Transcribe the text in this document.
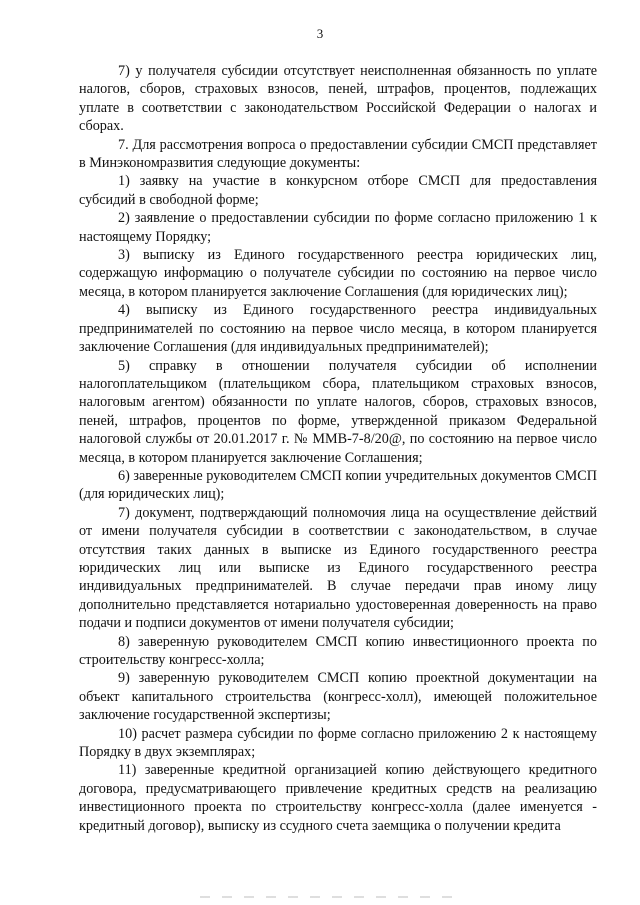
3

7) у получателя субсидии отсутствует неисполненная обязанность по уплате налогов, сборов, страховых взносов, пеней, штрафов, процентов, подлежащих уплате в соответствии с законодательством Российской Федерации о налогах и сборах.

7. Для рассмотрения вопроса о предоставлении субсидии СМСП представляет в Минэкономразвития следующие документы:

1) заявку на участие в конкурсном отборе СМСП для предоставления субсидий в свободной форме;

2) заявление о предоставлении субсидии по форме согласно приложению 1 к настоящему Порядку;

3) выписку из Единого государственного реестра юридических лиц, содержащую информацию о получателе субсидии по состоянию на первое число месяца, в котором планируется заключение Соглашения (для юридических лиц);

4) выписку из Единого государственного реестра индивидуальных предпринимателей по состоянию на первое число месяца, в котором планируется заключение Соглашения (для индивидуальных предпринимателей);

5) справку в отношении получателя субсидии об исполнении налогоплательщиком (плательщиком сбора, плательщиком страховых взносов, налоговым агентом) обязанности по уплате налогов, сборов, страховых взносов, пеней, штрафов, процентов по форме, утвержденной приказом Федеральной налоговой службы от 20.01.2017 г. № ММВ-7-8/20@, по состоянию на первое число месяца, в котором планируется заключение Соглашения;

6) заверенные руководителем СМСП копии учредительных документов СМСП (для юридических лиц);

7) документ, подтверждающий полномочия лица на осуществление действий от имени получателя субсидии в соответствии с законодательством, в случае отсутствия таких данных в выписке из Единого государственного реестра юридических лиц или выписке из Единого государственного реестра индивидуальных предпринимателей. В случае передачи прав иному лицу дополнительно представляется нотариально удостоверенная доверенность на право подачи и подписи документов от имени получателя субсидии;

8) заверенную руководителем СМСП копию инвестиционного проекта по строительству конгресс-холла;

9) заверенную руководителем СМСП копию проектной документации на объект капитального строительства (конгресс-холл), имеющей положительное заключение государственной экспертизы;

10) расчет размера субсидии по форме согласно приложению 2 к настоящему Порядку в двух экземплярах;

11) заверенные кредитной организацией копию действующего кредитного договора, предусматривающего привлечение кредитных средств на реализацию инвестиционного проекта по строительству конгресс-холла (далее именуется - кредитный договор), выписку из ссудного счета заемщика о получении кредита
